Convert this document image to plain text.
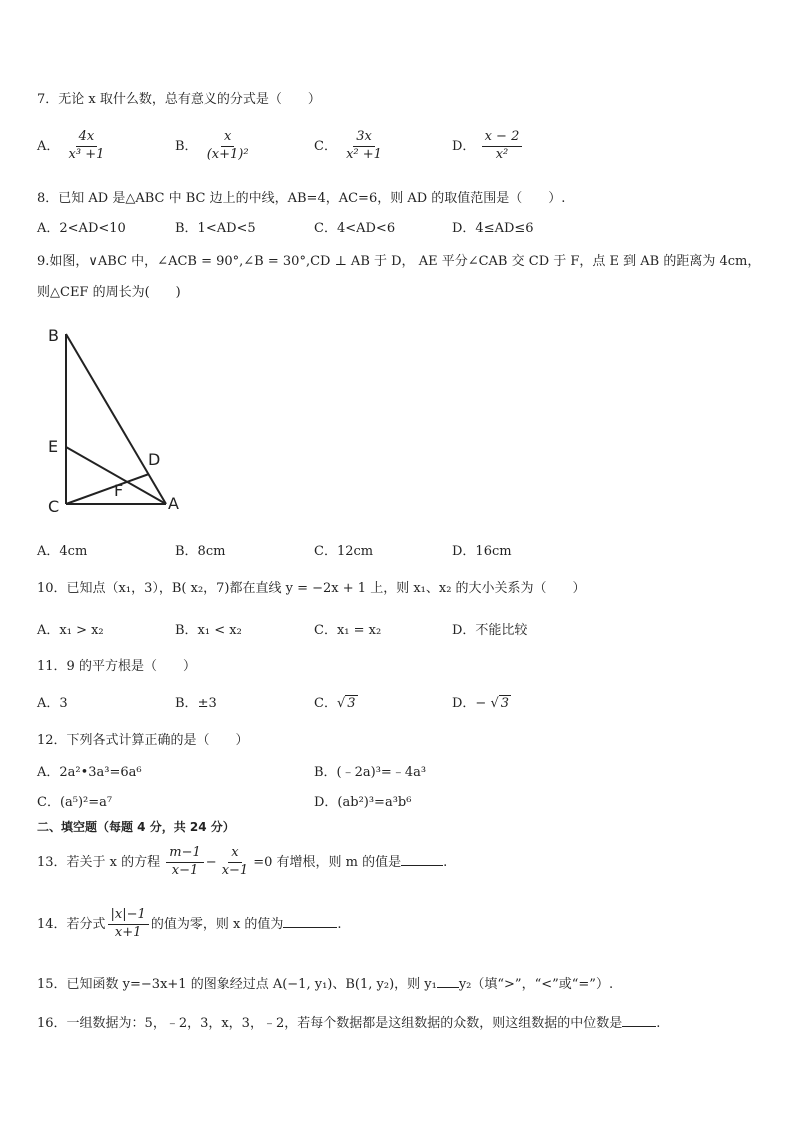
7．无论 x 取什么数，总有意义的分式是（　　）
A． $\frac{4x}{\text{x³ +1}}$	B． $\frac{x}{\text{(x+1)²}}$	C． $\frac{3x}{\text{x² +1}}$	D． $\frac{x - 2}{\text{x²}}$
8．已知 AD 是△ABC 中 BC 边上的中线，AB=4，AC=6，则 AD 的取值范围是（　　）.
A．2<AD<10	B．1<AD<5	C．4<AD<6	D．4≤AD≤6
9.如图，∨ABC 中，∠ACB = 90°,∠B = 30°,CD ⊥ AB 于 D， AE 平分∠CAB 交 CD 于 F，点 E 到 AB 的距离为 4cm，
则△CEF 的周长为(　　)
B
E
D
F
C	A
A．4cm	B．8cm	C．12cm	D．16cm
10．已知点（x₁，3），B( x₂，7)都在直线 y = −2x + 1 上，则 x₁、x₂ 的大小关系为（　　）
A．x₁ > x₂	B．x₁ < x₂	C．x₁ = x₂	D．不能比较
11．9 的平方根是（　　）
A．3	B．±3	C．√ 3	D．− √ 3
12．下列各式计算正确的是（　　）
A．2a²•3a³=6a⁶	B．(﹣2a)³=﹣4a³
C．(a⁵)²=a⁷	D．(ab²)³=a³b⁶
二、填空题（每题 4 分，共 24 分）
13．若关于 x 的方程 $\frac{m-1}{x-1} - \frac{x}{x-1} =0$ 有增根，则 m 的值是	.
14．若分式 $\frac{|x|-1}{x+1}$ 的值为零，则 x 的值为	.
15．已知函数 y=−3x+1 的图象经过点 A(−1, y₁)、B(1, y₂)，则 y₁ y₂（填“>”，“<”或“=”）.
16．一组数据为：5，﹣2，3，x，3，﹣2，若每个数据都是这组数据的众数，则这组数据的中位数是	.
